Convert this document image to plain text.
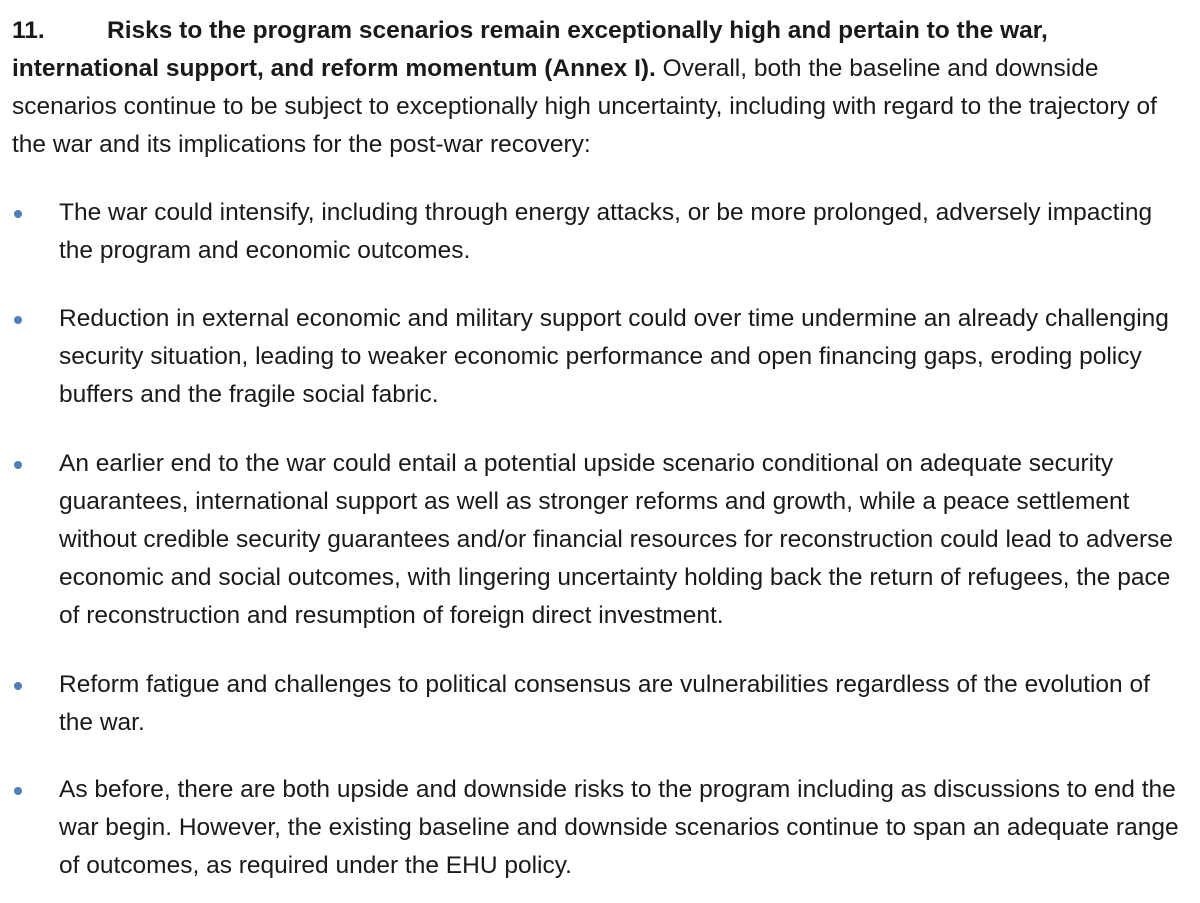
11.	Risks to the program scenarios remain exceptionally high and pertain to the war, international support, and reform momentum (Annex I). Overall, both the baseline and downside scenarios continue to be subject to exceptionally high uncertainty, including with regard to the trajectory of the war and its implications for the post-war recovery:

The war could intensify, including through energy attacks, or be more prolonged, adversely impacting the program and economic outcomes.
Reduction in external economic and military support could over time undermine an already challenging security situation, leading to weaker economic performance and open financing gaps, eroding policy buffers and the fragile social fabric.
An earlier end to the war could entail a potential upside scenario conditional on adequate security guarantees, international support as well as stronger reforms and growth, while a peace settlement without credible security guarantees and/or financial resources for reconstruction could lead to adverse economic and social outcomes, with lingering uncertainty holding back the return of refugees, the pace of reconstruction and resumption of foreign direct investment.
Reform fatigue and challenges to political consensus are vulnerabilities regardless of the evolution of the war.
As before, there are both upside and downside risks to the program including as discussions to end the war begin. However, the existing baseline and downside scenarios continue to span an adequate range of outcomes, as required under the EHU policy.
